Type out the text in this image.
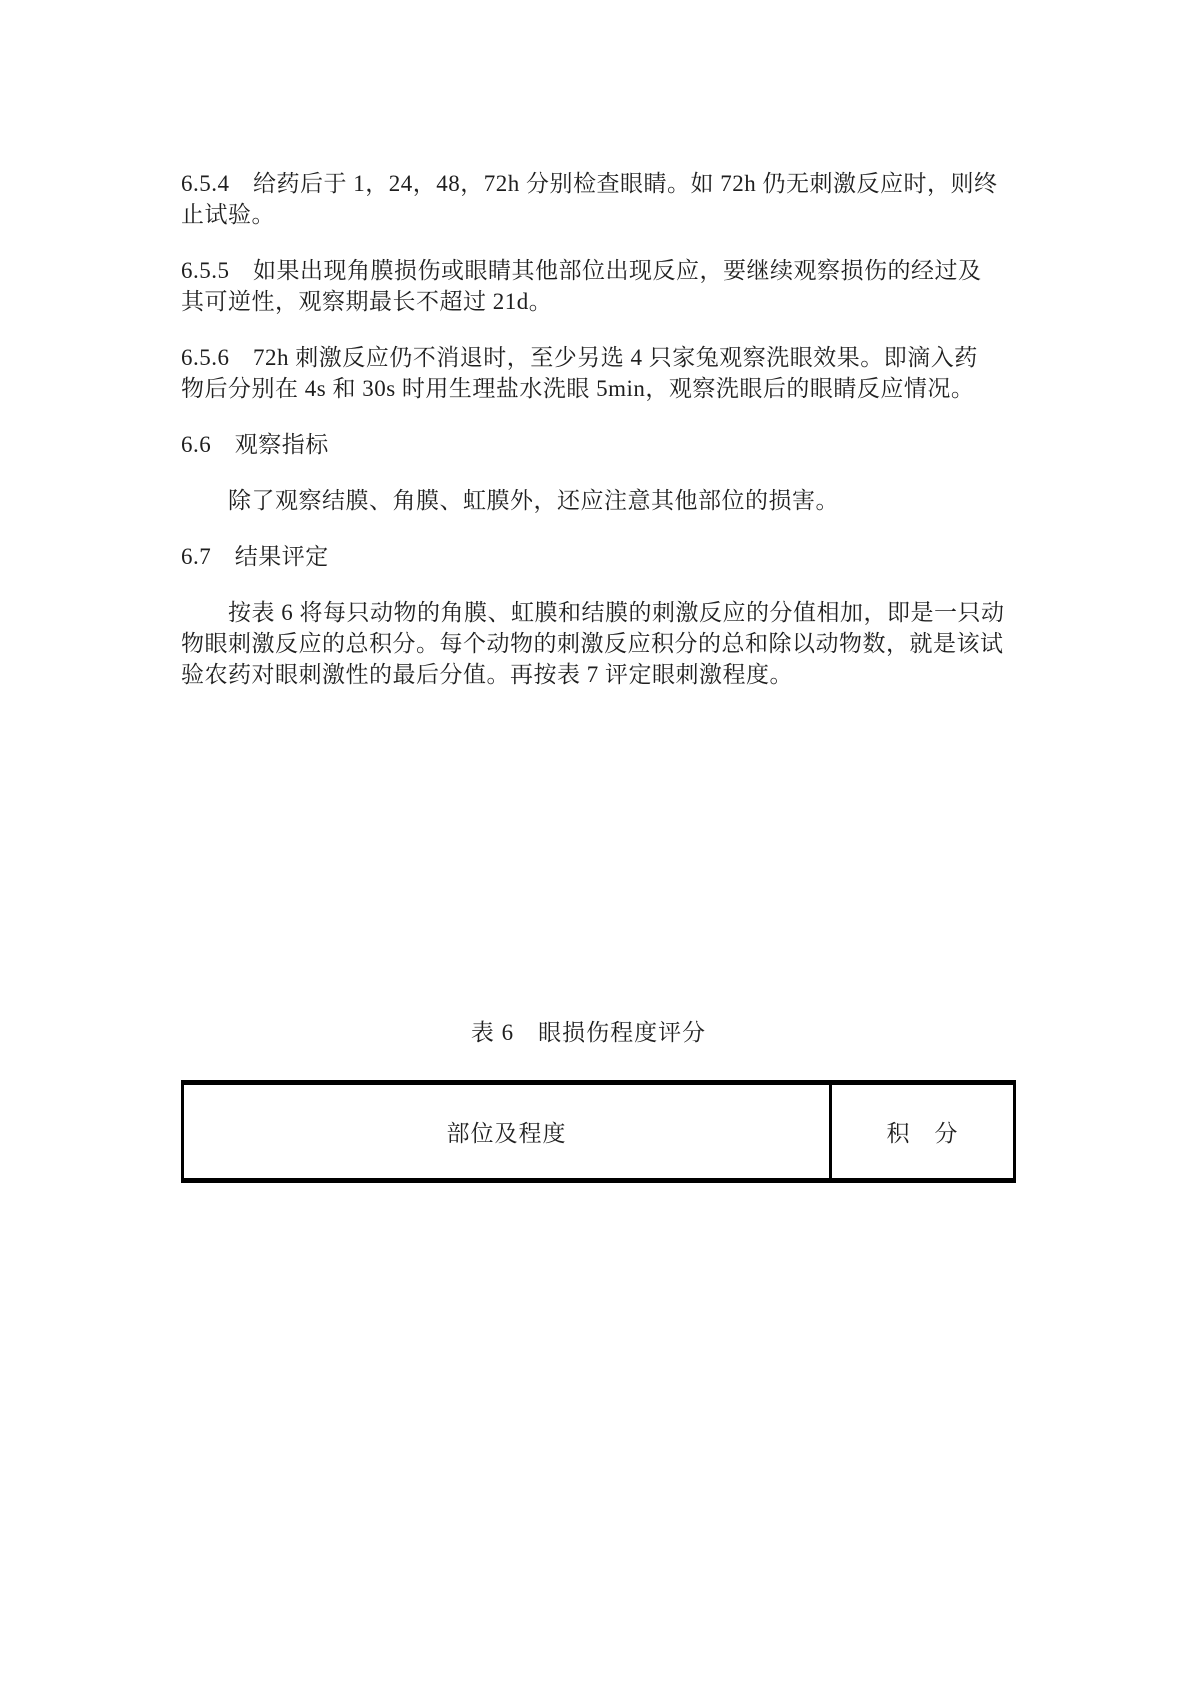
6.5.4　给药后于 1，24，48，72h 分别检查眼睛。如 72h 仍无刺激反应时，则终
止试验。
6.5.5　如果出现角膜损伤或眼睛其他部位出现反应，要继续观察损伤的经过及
其可逆性，观察期最长不超过 21d。
6.5.6　72h 刺激反应仍不消退时，至少另选 4 只家兔观察洗眼效果。即滴入药
物后分别在 4s 和 30s 时用生理盐水洗眼 5min，观察洗眼后的眼睛反应情况。
6.6　观察指标
除了观察结膜、角膜、虹膜外，还应注意其他部位的损害。
6.7　结果评定
按表 6 将每只动物的角膜、虹膜和结膜的刺激反应的分值相加，即是一只动
物眼刺激反应的总积分。每个动物的刺激反应积分的总和除以动物数，就是该试
验农药对眼刺激性的最后分值。再按表 7 评定眼刺激程度。
表 6　眼损伤程度评分
部位及程度	积　分
